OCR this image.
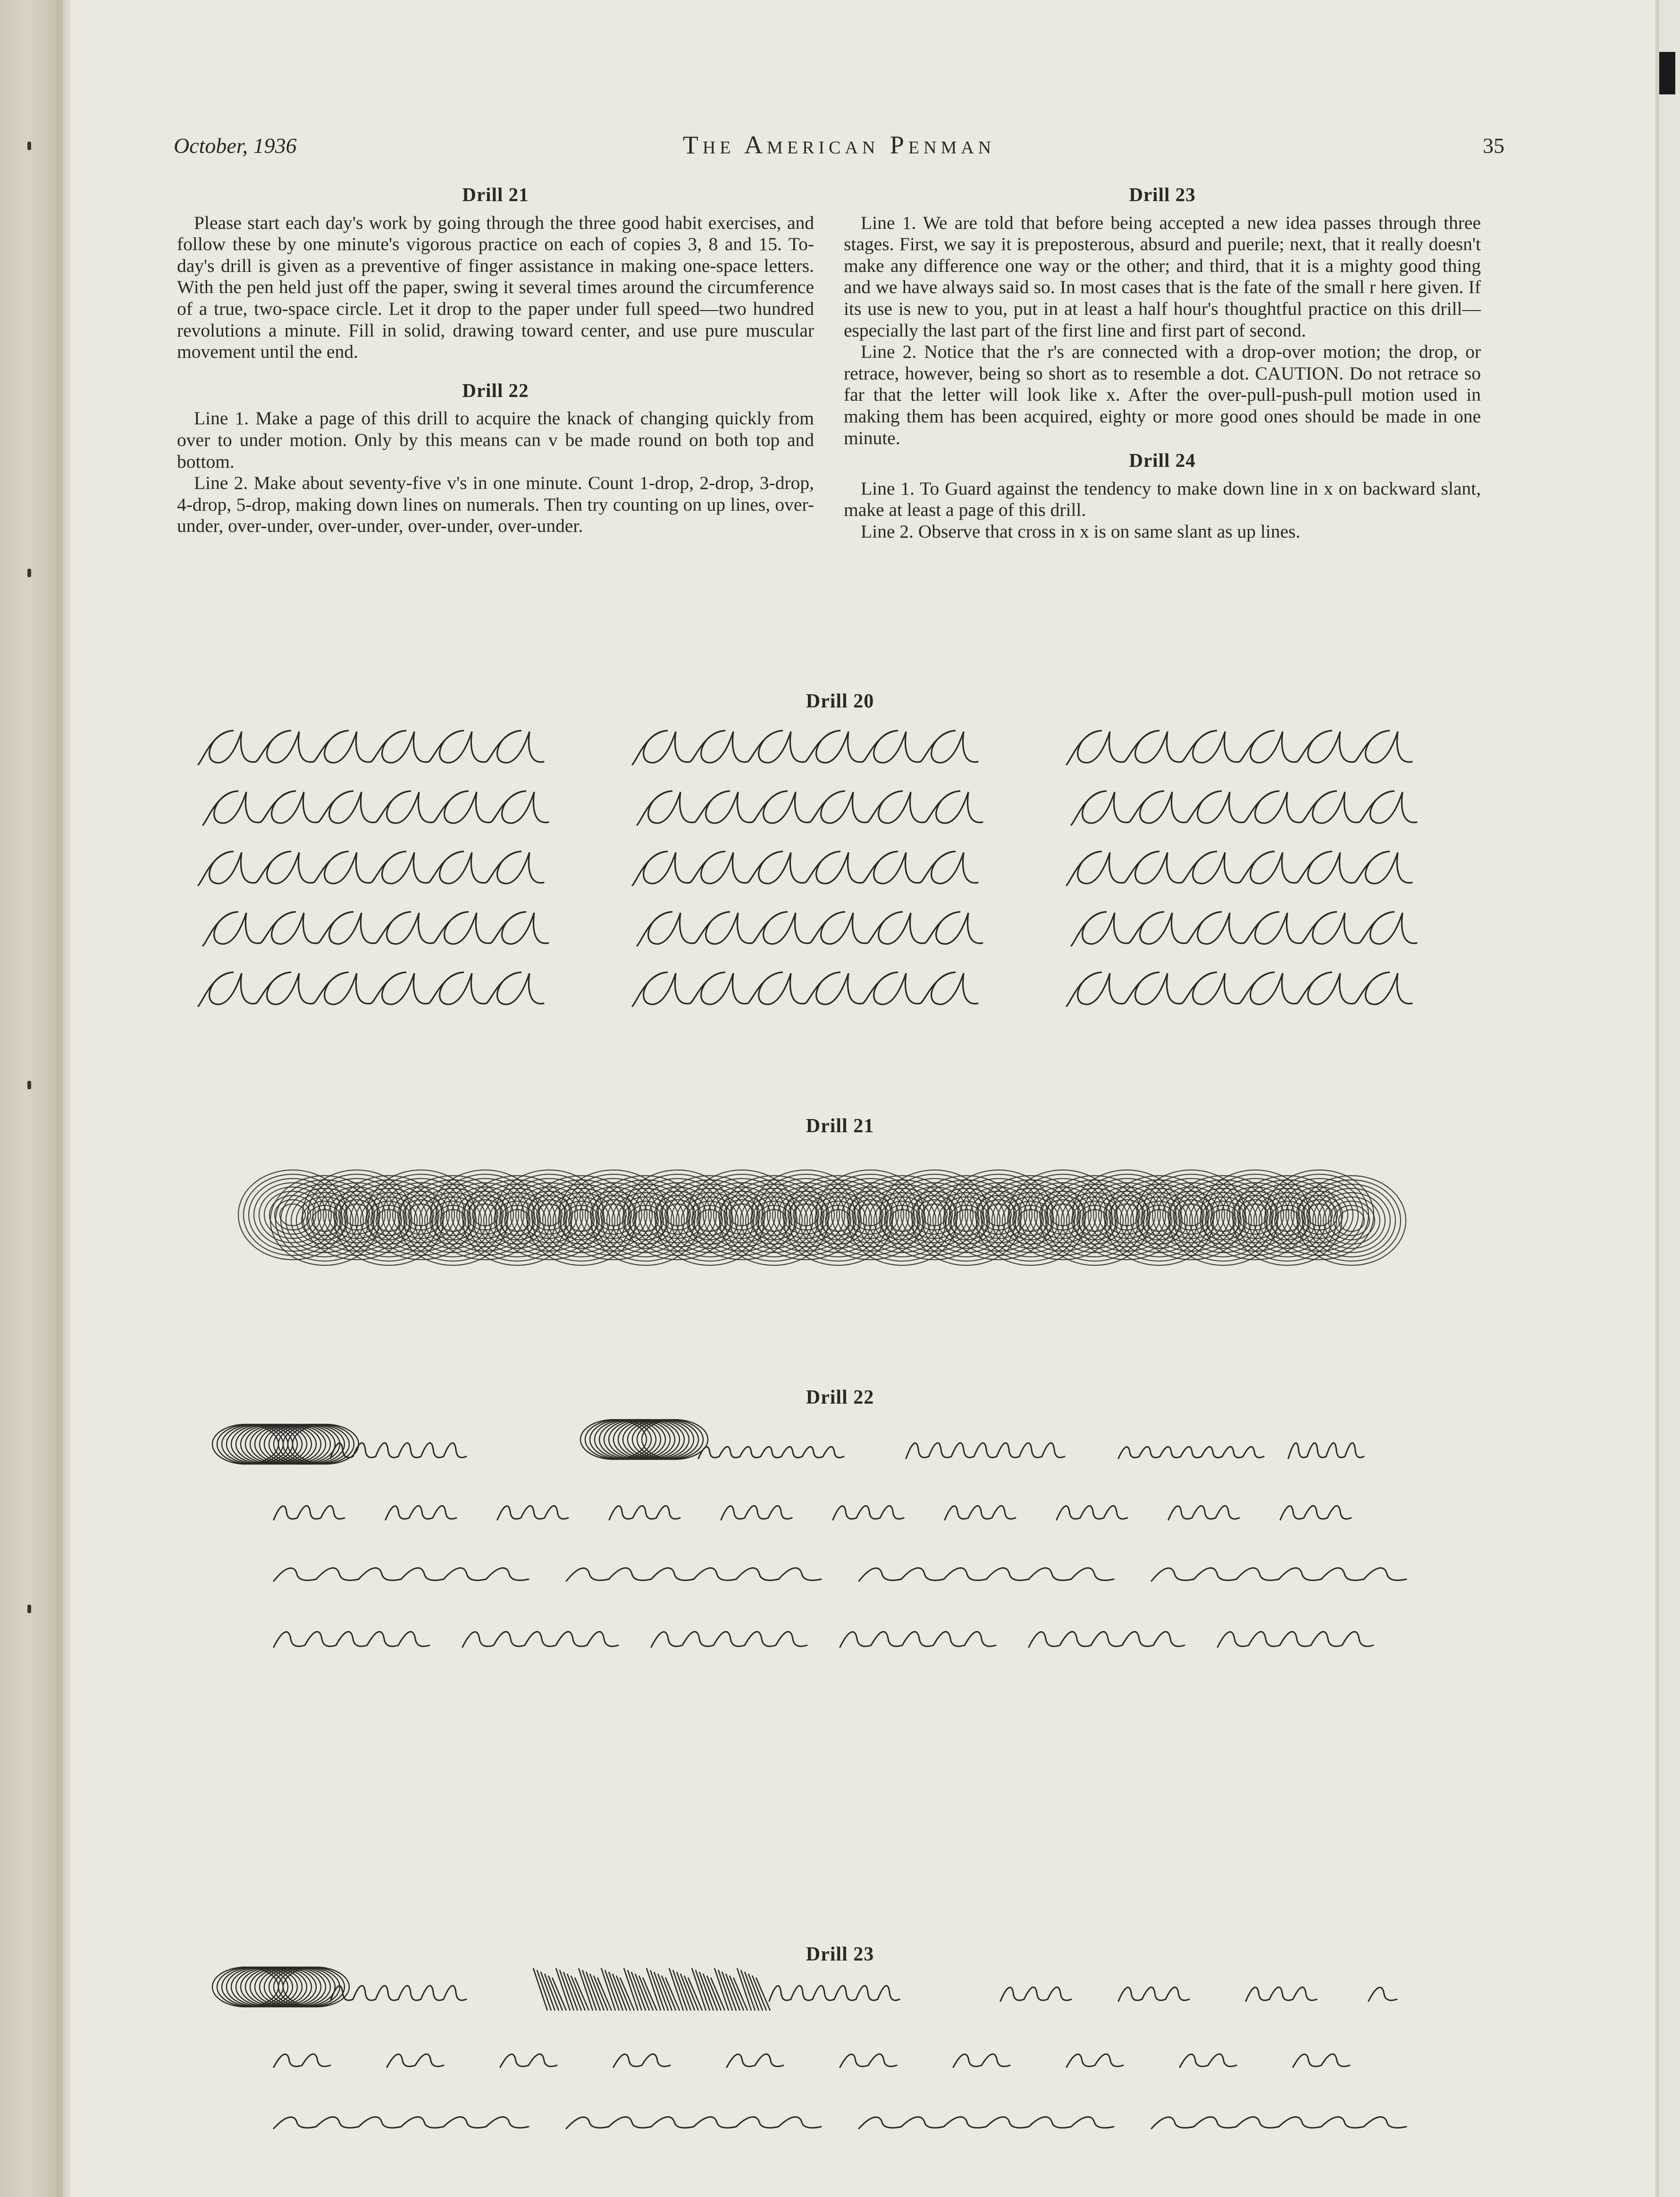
October, 1936	The American Penman	35
Drill 21

Please start each day's work by going through the three good habit exercises, and follow these by one minute's vigorous practice on each of copies 3, 8 and 15. To-day's drill is given as a preventive of finger assistance in making one-space letters. With the pen held just off the paper, swing it several times around the circumference of a true, two-space circle. Let it drop to the paper under full speed—two hundred revolutions a minute. Fill in solid, drawing toward center, and use pure muscular movement until the end.

Drill 22

Line 1. Make a page of this drill to acquire the knack of changing quickly from over to under motion. Only by this means can v be made round on both top and bottom.

Line 2. Make about seventy-five v's in one minute. Count 1-drop, 2-drop, 3-drop, 4-drop, 5-drop, making down lines on numerals. Then try counting on up lines, over-under, over-under, over-under, over-under, over-under.

Drill 23

Line 1. We are told that before being accepted a new idea passes through three stages. First, we say it is preposterous, absurd and puerile; next, that it really doesn't make any difference one way or the other; and third, that it is a mighty good thing and we have always said so. In most cases that is the fate of the small r here given. If its use is new to you, put in at least a half hour's thoughtful practice on this drill—especially the last part of the first line and first part of second.

Line 2. Notice that the r's are connected with a drop-over motion; the drop, or retrace, however, being so short as to resemble a dot. CAUTION. Do not retrace so far that the letter will look like x. After the over-pull-push-pull motion used in making them has been acquired, eighty or more good ones should be made in one minute.

Drill 24

Line 1. To Guard against the tendency to make down line in x on backward slant, make at least a page of this drill.

Line 2. Observe that cross in x is on same slant as up lines.

Drill 20
Drill 21
Drill 22
Drill 23
